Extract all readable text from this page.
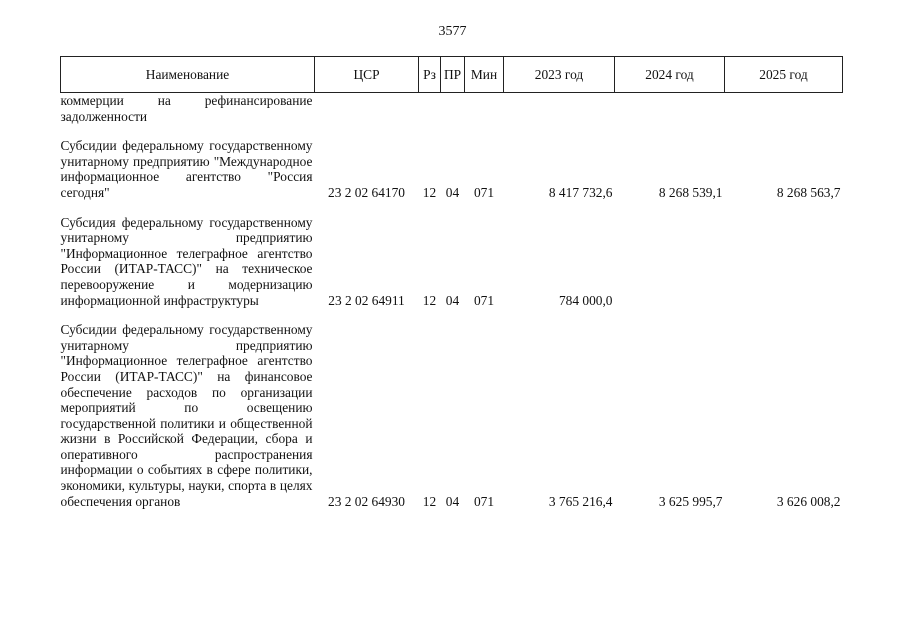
3577
Наименование	ЦСР	Рз	ПР	Мин	2023 год	2024 год	2025 год

коммерции на рефинансирование задолженности							

Субсидии федеральному государственному унитарному предприятию "Международное информационное агентство "Россия сегодня"	23 2 02 64170	12	04	071	8 417 732,6	8 268 539,1	8 268 563,7

Субсидия федеральному государственному унитарному предприятию "Информационное телеграфное агентство России (ИТАР-ТАСС)" на техническое перевооружение и модернизацию информационной инфраструктуры	23 2 02 64911	12	04	071	784 000,0		

Субсидии федеральному государственному унитарному предприятию "Информационное телеграфное агентство России (ИТАР-ТАСС)" на финансовое обеспечение расходов по организации мероприятий по освещению государственной политики и общественной жизни в Российской Федерации, сбора и оперативного распространения информации о событиях в сфере политики, экономики, культуры, науки, спорта в целях обеспечения органов	23 2 02 64930	12	04	071	3 765 216,4	3 625 995,7	3 626 008,2
